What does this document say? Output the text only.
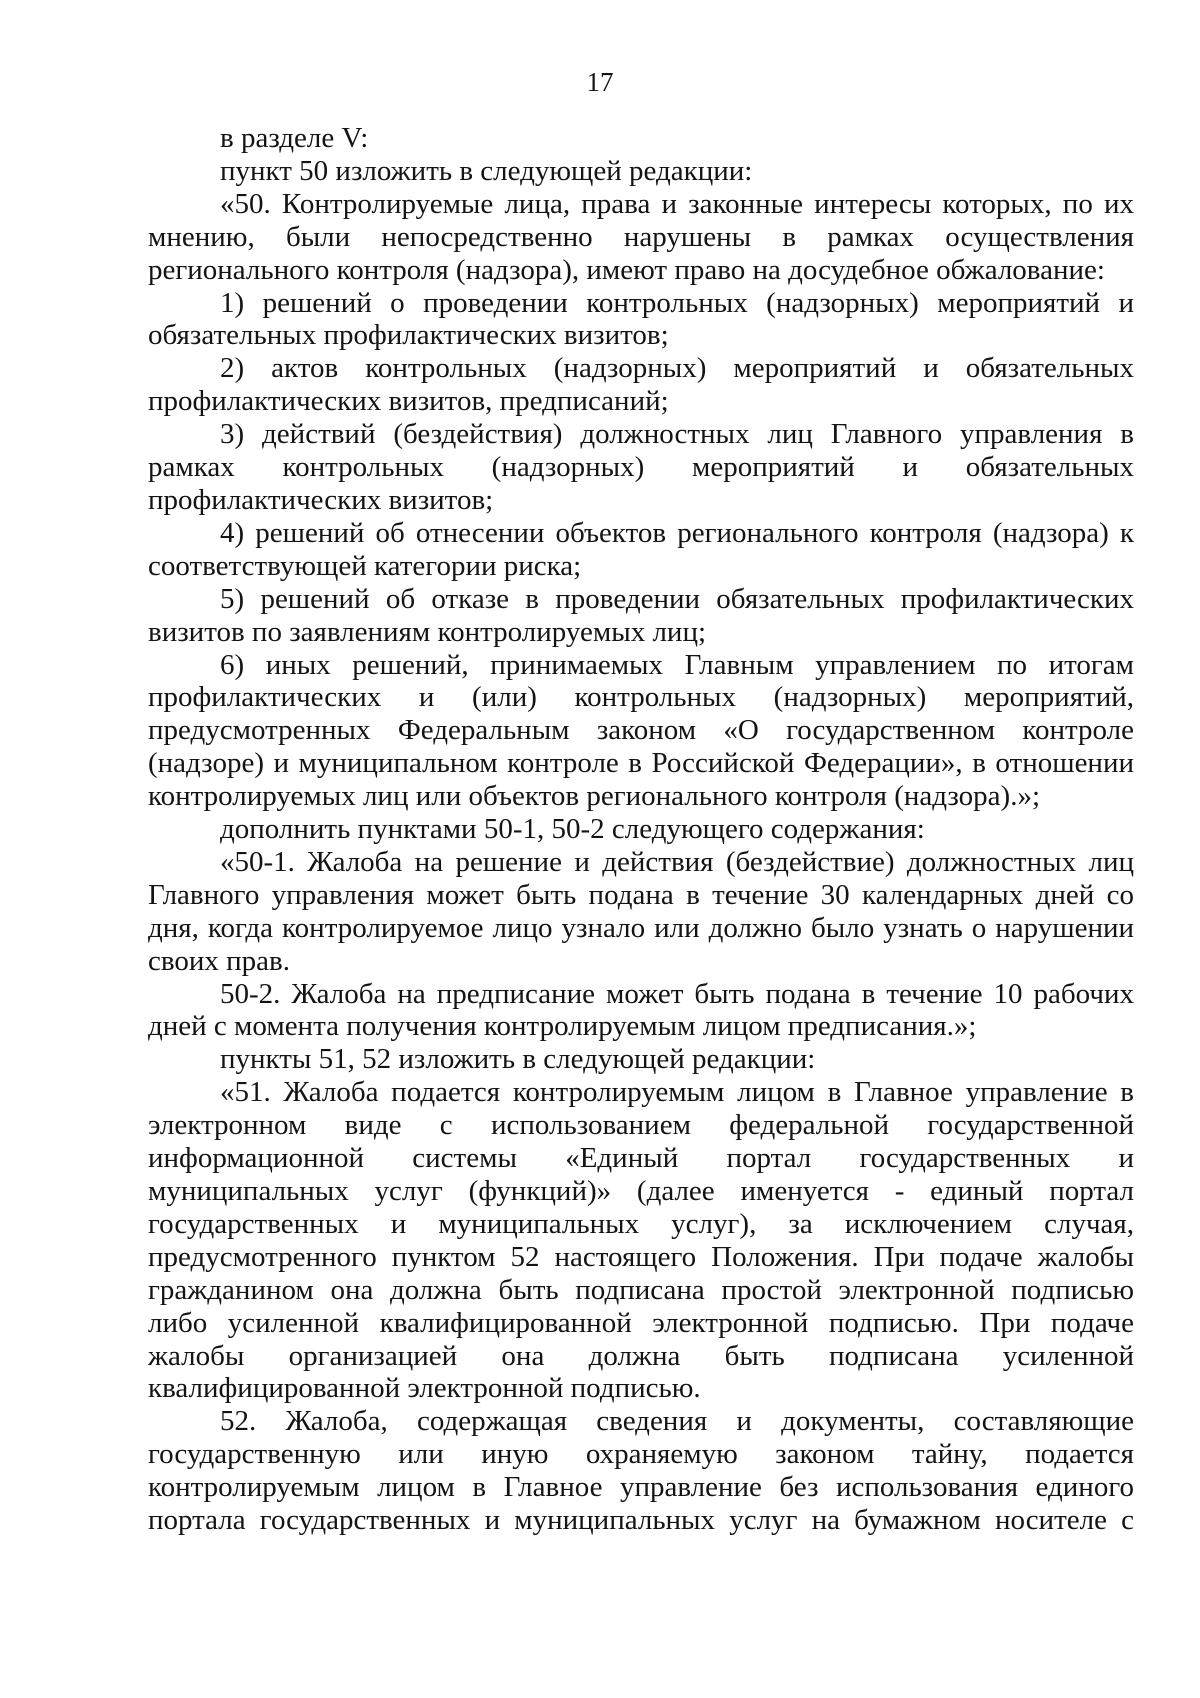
17

в разделе V:

пункт 50 изложить в следующей редакции:

«50. Контролируемые лица, права и законные интересы которых, по их мнению, были непосредственно нарушены в рамках осуществления регионального контроля (надзора), имеют право на досудебное обжалование:

1) решений о проведении контрольных (надзорных) мероприятий и обязательных профилактических визитов;

2) актов контрольных (надзорных) мероприятий и обязательных профилактических визитов, предписаний;

3) действий (бездействия) должностных лиц Главного управления в рамках контрольных (надзорных) мероприятий и обязательных профилактических визитов;

4) решений об отнесении объектов регионального контроля (надзора) к соответствующей категории риска;

5) решений об отказе в проведении обязательных профилактических визитов по заявлениям контролируемых лиц;

6) иных решений, принимаемых Главным управлением по итогам профилактических и (или) контрольных (надзорных) мероприятий, предусмотренных Федеральным законом «О государственном контроле (надзоре) и муниципальном контроле в Российской Федерации», в отношении контролируемых лиц или объектов регионального контроля (надзора).»;

дополнить пунктами 50-1, 50-2 следующего содержания:

«50-1. Жалоба на решение и действия (бездействие) должностных лиц Главного управления может быть подана в течение 30 календарных дней со дня, когда контролируемое лицо узнало или должно было узнать о нарушении своих прав.

50-2. Жалоба на предписание может быть подана в течение 10 рабочих дней с момента получения контролируемым лицом предписания.»;

пункты 51, 52 изложить в следующей редакции:

«51. Жалоба подается контролируемым лицом в Главное управление в электронном виде с использованием федеральной государственной информационной системы «Единый портал государственных и муниципальных услуг (функций)» (далее именуется - единый портал государственных и муниципальных услуг), за исключением случая, предусмотренного пунктом 52 настоящего Положения. При подаче жалобы гражданином она должна быть подписана простой электронной подписью либо усиленной квалифицированной электронной подписью. При подаче жалобы организацией она должна быть подписана усиленной квалифицированной электронной подписью.

52. Жалоба, содержащая сведения и документы, составляющие государственную или иную охраняемую законом тайну, подается контролируемым лицом в Главное управление без использования единого портала государственных и муниципальных услуг на бумажном носителе с
